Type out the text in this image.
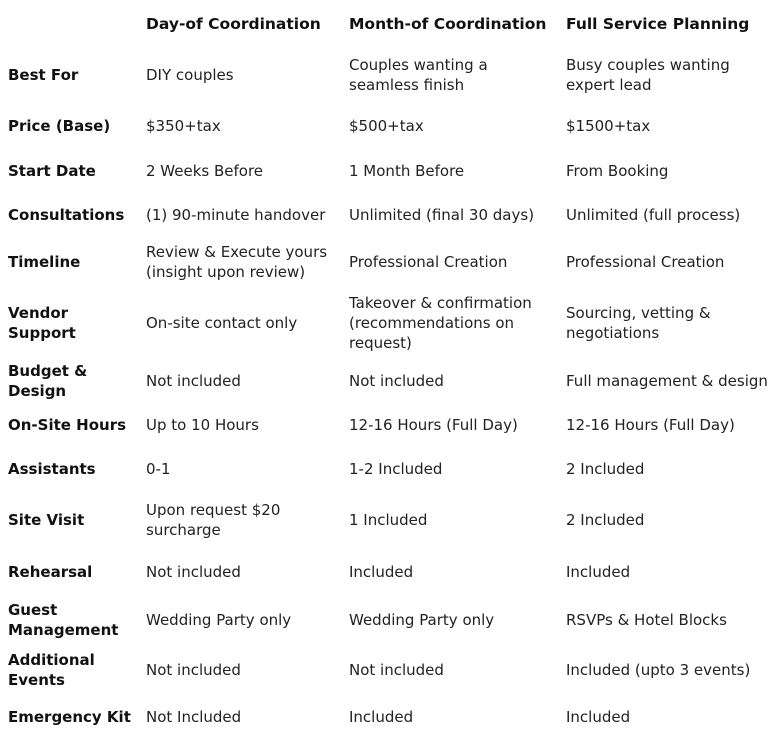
	Day-of Coordination	Month-of Coordination	Full Service Planning
Best For	DIY couples	Couples wanting a seamless finish	Busy couples wanting expert lead
Price (Base)	$350+tax	$500+tax	$1500+tax
Start Date	2 Weeks Before	1 Month Before	From Booking
Consultations	(1) 90-minute handover	Unlimited (final 30 days)	Unlimited (full process)
Timeline	Review & Execute yours (insight upon review)	Professional Creation	Professional Creation
Vendor Support	On-site contact only	Takeover & confirmation (recommendations on request)	Sourcing, vetting & negotiations
Budget & Design	Not included	Not included	Full management & design
On-Site Hours	Up to 10 Hours	12-16 Hours (Full Day)	12-16 Hours (Full Day)
Assistants	0-1	1-2 Included	2 Included
Site Visit	Upon request $20 surcharge	1 Included	2 Included
Rehearsal	Not included	Included	Included
Guest Management	Wedding Party only	Wedding Party only	RSVPs & Hotel Blocks
Additional Events	Not included	Not included	Included (upto 3 events)
Emergency Kit	Not Included	Included	Included
